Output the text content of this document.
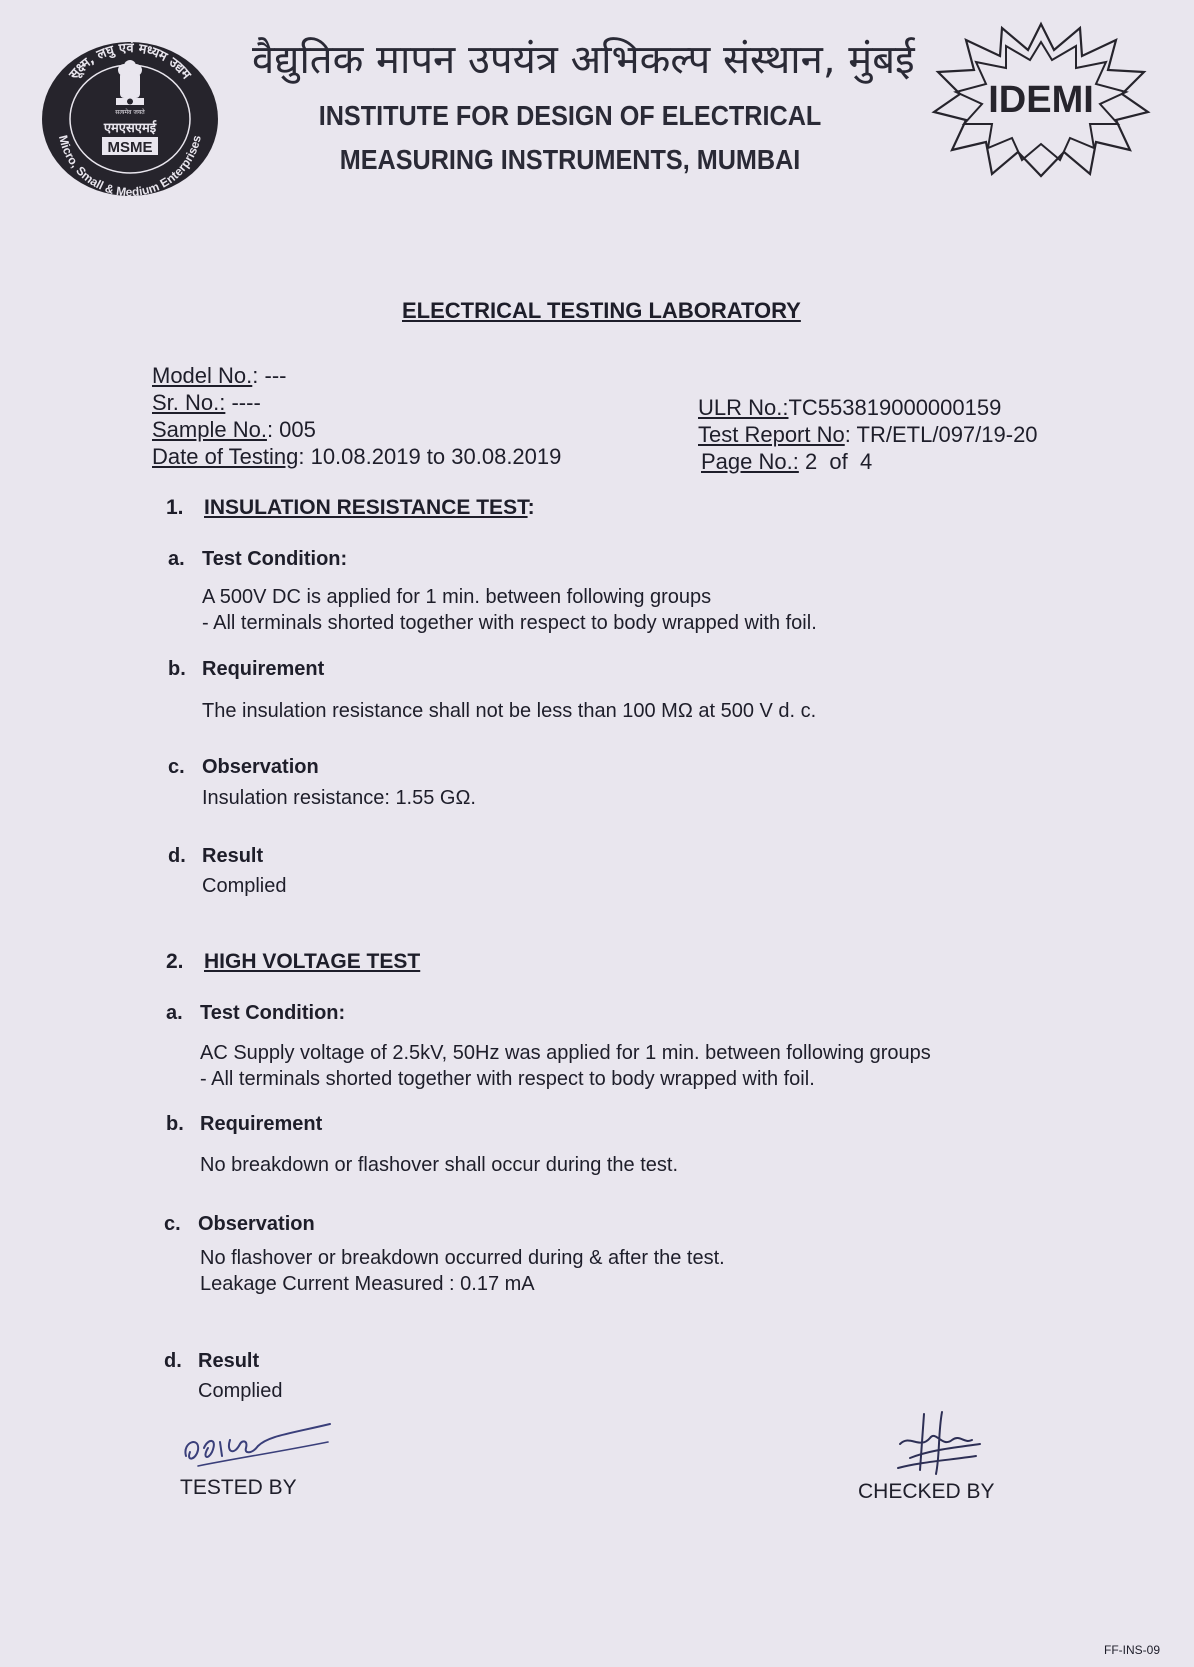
सूक्ष्म, लघु एवं मध्यम उद्यम
Micro, Small & Medium Enterprises
सत्यमेव जयते
एमएसएमई
MSME
वैद्युतिक मापन उपयंत्र अभिकल्प संस्थान, मुंबई
INSTITUTE FOR DESIGN OF ELECTRICAL
MEASURING INSTRUMENTS, MUMBAI
IDEMI
ELECTRICAL TESTING LABORATORY
Model No.: ---
Sr. No.: ----
Sample No.: 005
Date of Testing: 10.08.2019 to 30.08.2019
ULR No.:TC553819000000159
Test Report No: TR/ETL/097/19-20
Page No.: 2  of  4
1. INSULATION RESISTANCE TEST:
a. Test Condition:
A 500V DC is applied for 1 min. between following groups
- All terminals shorted together with respect to body wrapped with foil.
b. Requirement
The insulation resistance shall not be less than 100 MΩ at 500 V d. c.
c. Observation
Insulation resistance: 1.55 GΩ.
d. Result
Complied
2. HIGH VOLTAGE TEST
a. Test Condition:
AC Supply voltage of 2.5kV, 50Hz was applied for 1 min. between following groups
- All terminals shorted together with respect to body wrapped with foil.
b. Requirement
No breakdown or flashover shall occur during the test.
c. Observation
No flashover or breakdown occurred during & after the test.
Leakage Current Measured : 0.17 mA
d. Result
Complied
TESTED BY	CHECKED BY
FF-INS-09
